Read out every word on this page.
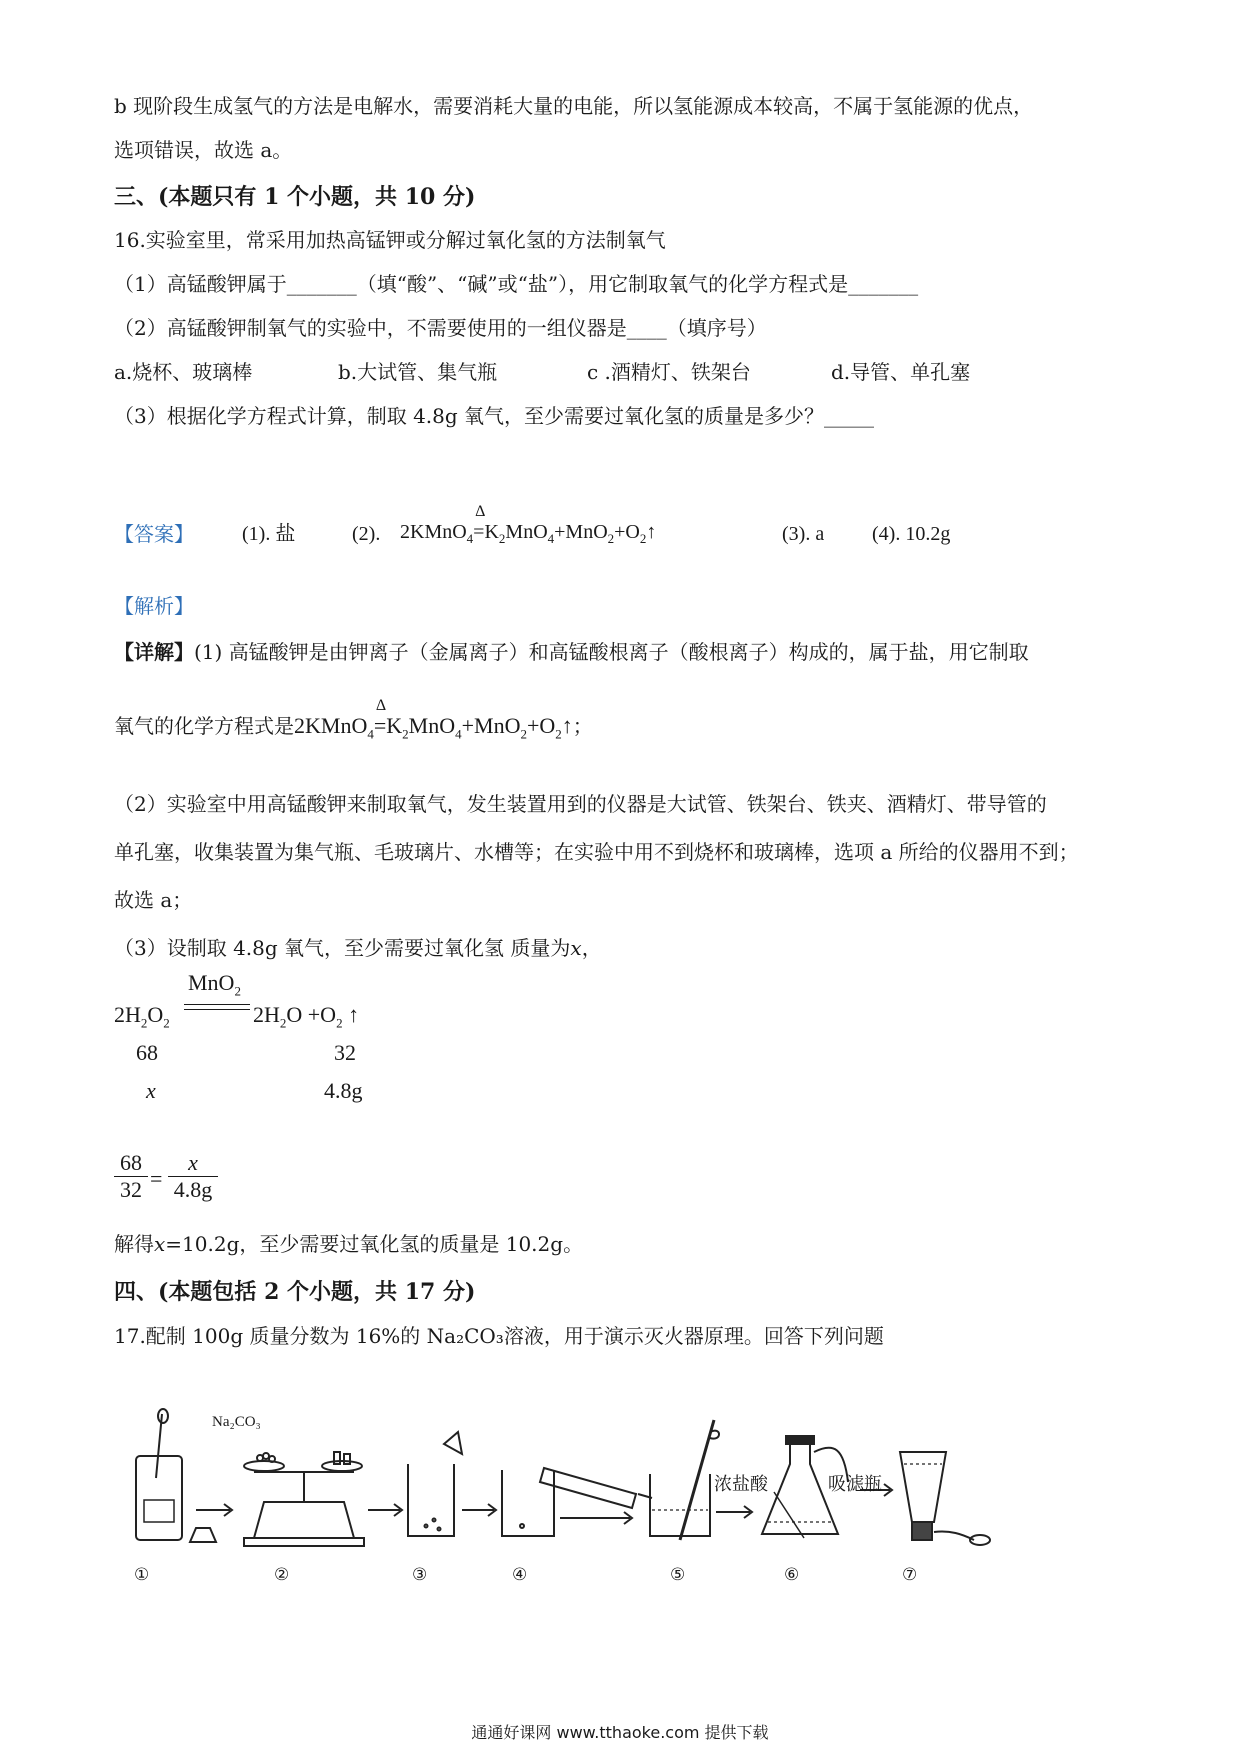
b 现阶段生成氢气的方法是电解水，需要消耗大量的电能，所以氢能源成本较高，不属于氢能源的优点，
选项错误，故选 a。
三、(本题只有 1 个小题，共 10 分)
16.实验室里，常采用加热高锰钾或分解过氧化氢的方法制氧气
（1）高锰酸钾属于_______（填“酸”、“碱”或“盐”），用它制取氧气的化学方程式是_______
（2）高锰酸钾制氧气的实验中，不需要使用的一组仪器是____（填序号）
a.烧杯、玻璃棒	b.大试管、集气瓶	c .酒精灯、铁架台	d.导管、单孔塞
（3）根据化学方程式计算，制取 4.8g 氧气，至少需要过氧化氢的质量是多少？_____
【答案】 (1). 盐	(2). 2KMnO$_4$=
Δ
$K_2MnO_4+MnO_2+O_2↑$	(3). a (4). 10.2g
【解析】
【详解】(1) 高锰酸钾是由钾离子（金属离子）和高锰酸根离子（酸根离子）构成的，属于盐，用它制取
氧气的化学方程式是2KMnO$_4$=
Δ
$K_2MnO_4+MnO_2+O_2↑$；
（2）实验室中用高锰酸钾来制取氧气，发生装置用到的仪器是大试管、铁架台、铁夹、酒精灯、带导管的
单孔塞，收集装置为集气瓶、毛玻璃片、水槽等；在实验中用不到烧杯和玻璃棒，选项 a 所给的仪器用不到；
故选 a；
（3）设制取 4.8g 氧气，至少需要过氧化氢 质量为x，
MnO$_2$
$2H_2O_2$	$2H_2O +O_2$ ↑
68	32
x	4.8g
$\frac{68}{32} = \frac{x}{4.8g}$
解得x=10.2g，至少需要过氧化氢的质量是 10.2g。
四、(本题包括 2 个小题，共 17 分)
17.配制 100g 质量分数为 16%的 Na₂CO₃溶液，用于演示灭火器原理。回答下列问题
Na₂CO₃
浓盐酸	吸滤瓶
①	②	③	④	⑤	⑥	⑦
通通好课网 www.tthaoke.com 提供下载
